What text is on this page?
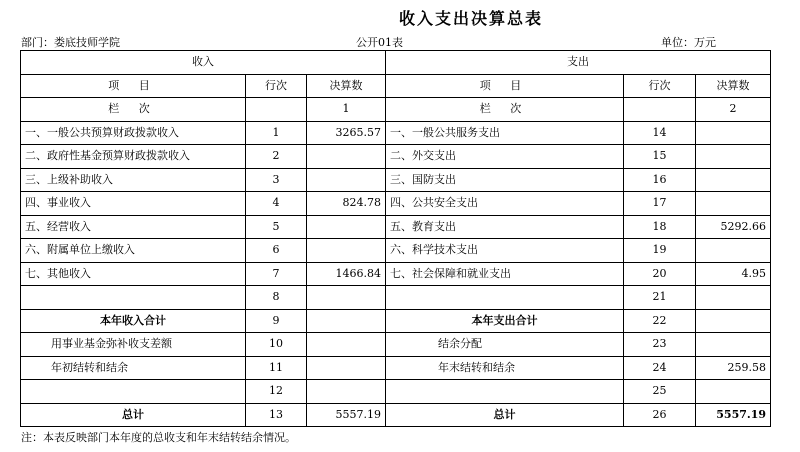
收入支出决算总表
部门：娄底技师学院	公开01表	单位：万元
收入			支出		
项 目	行次	决算数	项 目	行次	决算数
栏 次		1	栏 次		2
一、一般公共预算财政拨款收入	1	3265.57	一、一般公共服务支出	14	
二、政府性基金预算财政拨款收入	2		二、外交支出	15	
三、上级补助收入	3		三、国防支出	16	
四、事业收入	4	824.78	四、公共安全支出	17	
五、经营收入	5		五、教育支出	18	5292.66
六、附属单位上缴收入	6		六、科学技术支出	19	
七、其他收入	7	1466.84	七、社会保障和就业支出	20	4.95
	8			21	
本年收入合计	9		本年支出合计	22	
用事业基金弥补收支差额	10		结余分配	23	
年初结转和结余	11		年末结转和结余	24	259.58
	12			25	
总计	13	5557.19	总计	26	5557.19
注：本表反映部门本年度的总收支和年末结转结余情况。
